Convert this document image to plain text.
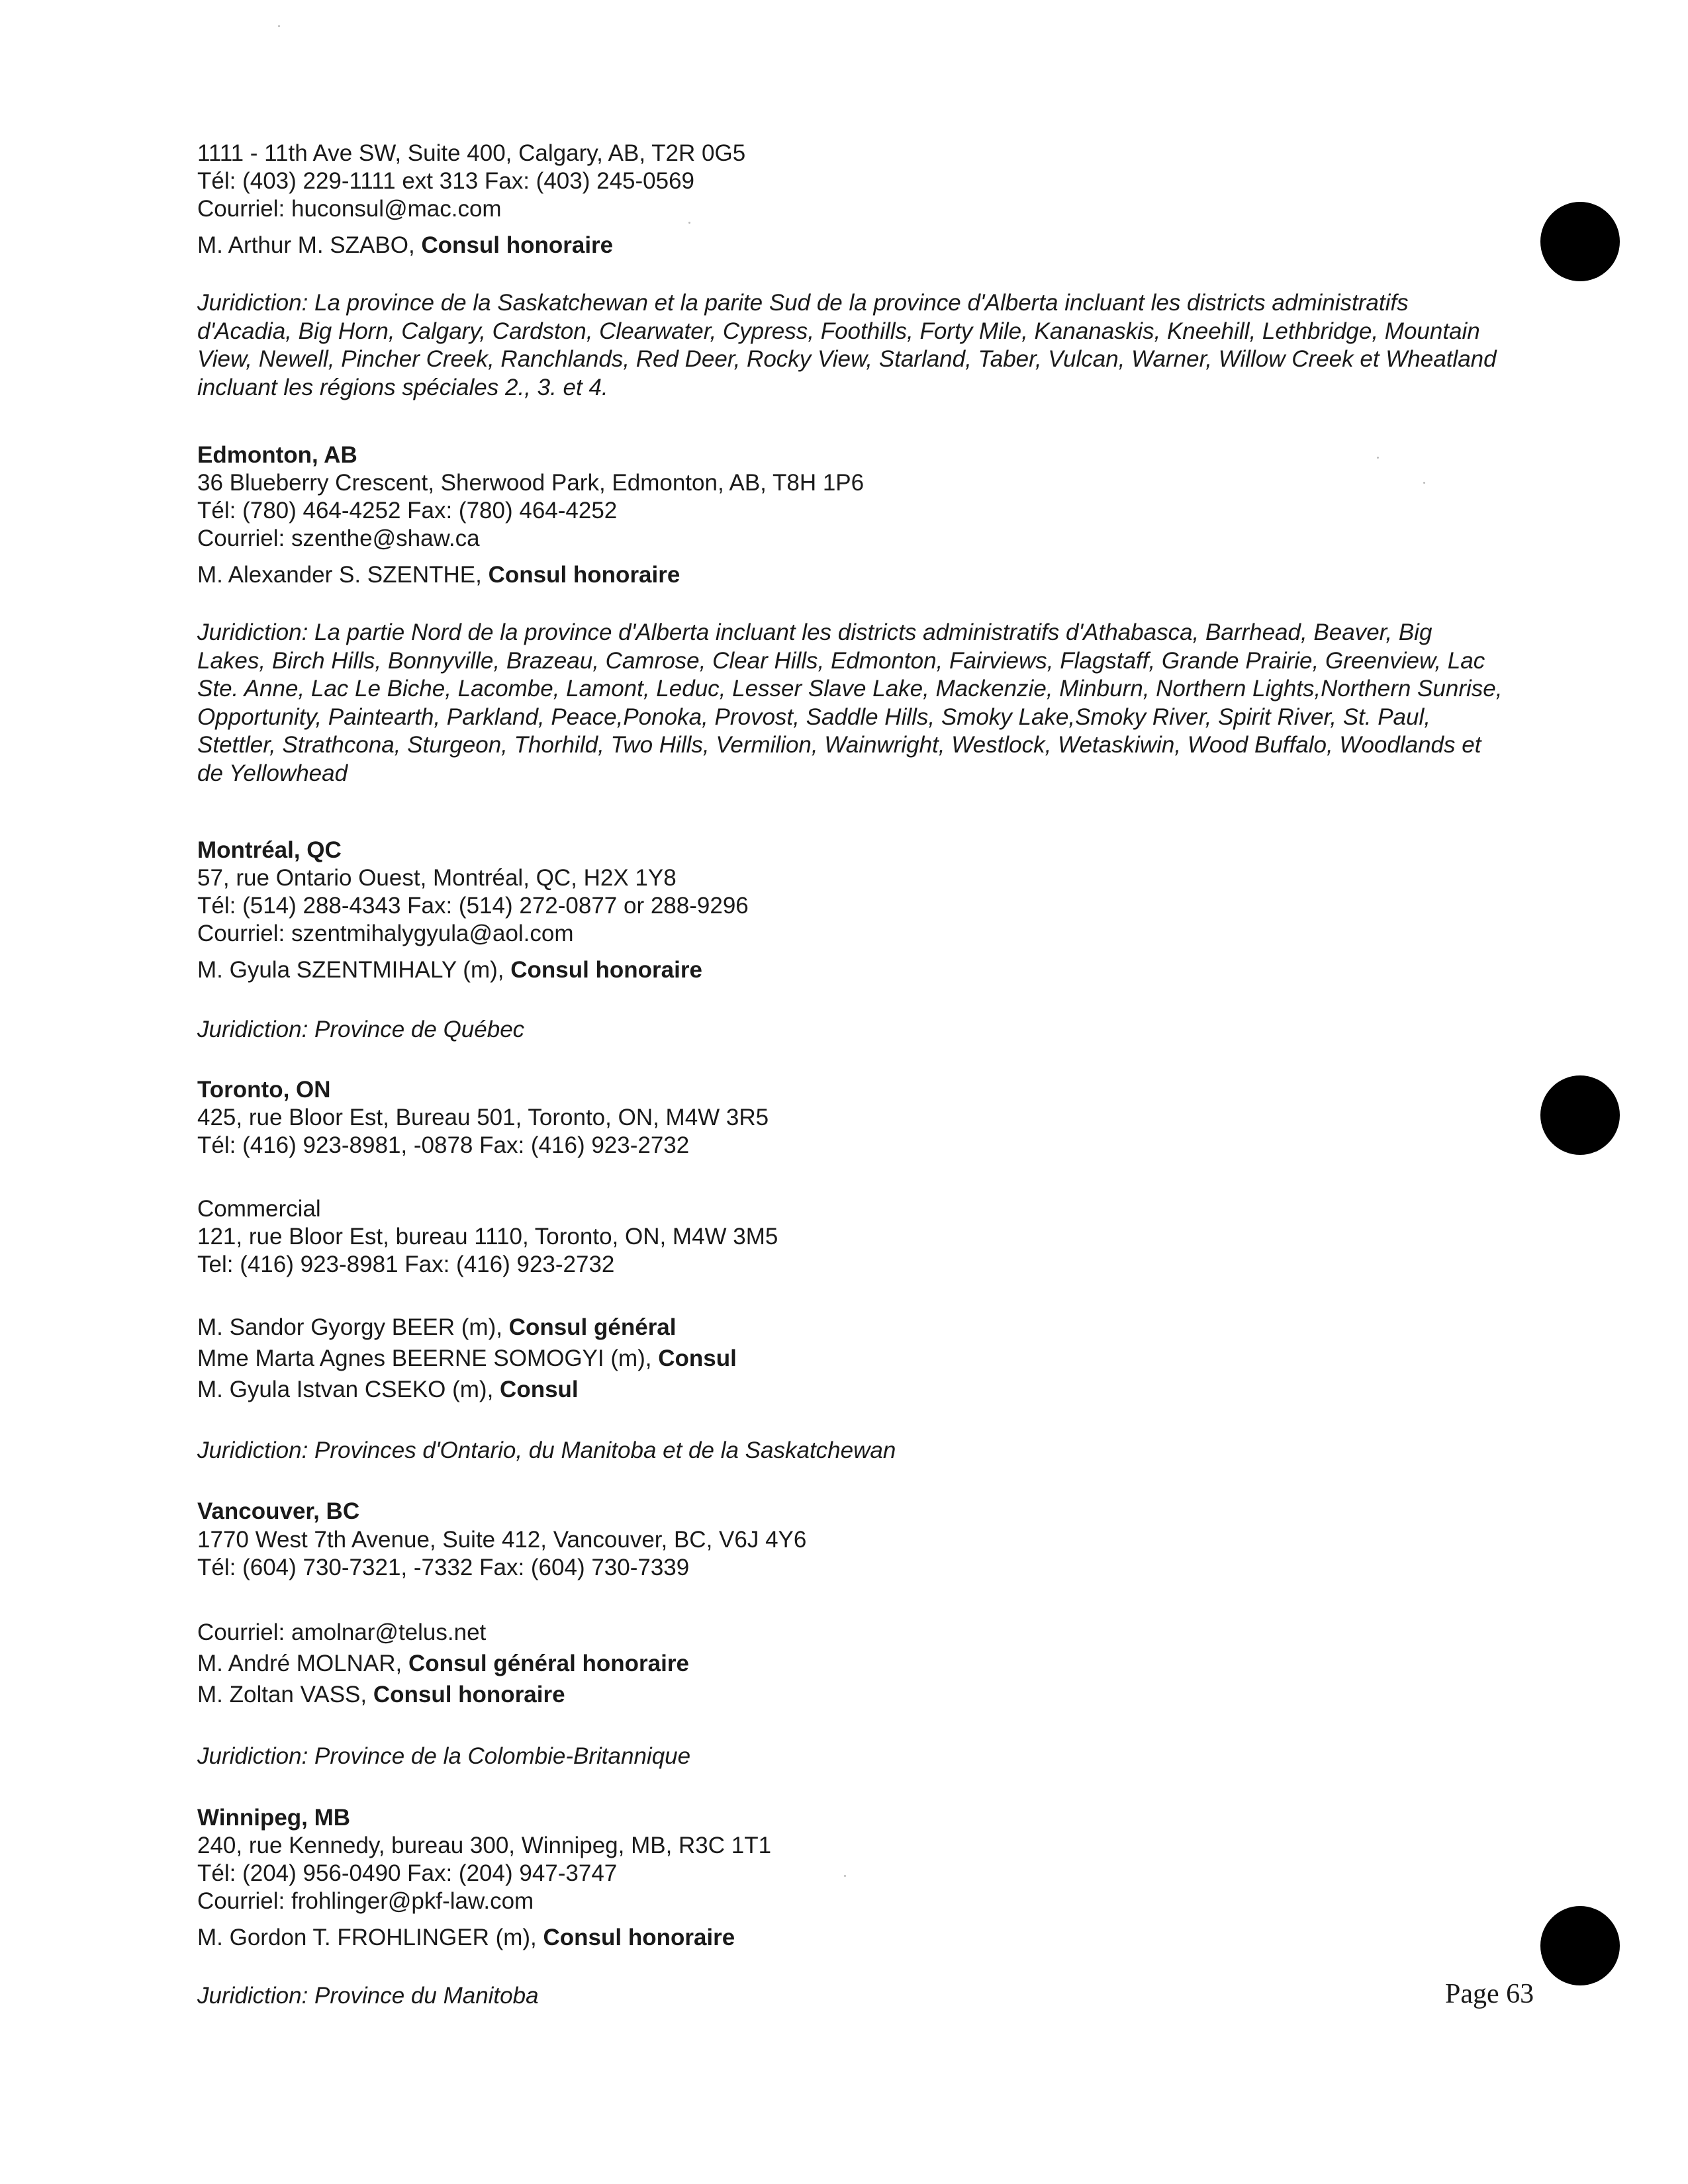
1111 - 11th Ave SW, Suite 400, Calgary, AB, T2R 0G5
Tél: (403) 229-1111 ext 313 Fax: (403) 245-0569
Courriel: huconsul@mac.com
M. Arthur M. SZABO, Consul honoraire
Juridiction: La province de la Saskatchewan et la parite Sud de la province d'Alberta incluant les districts administratifs d'Acadia, Big Horn, Calgary, Cardston, Clearwater, Cypress, Foothills, Forty Mile, Kananaskis, Kneehill, Lethbridge, Mountain View, Newell, Pincher Creek, Ranchlands, Red Deer, Rocky View, Starland, Taber, Vulcan, Warner, Willow Creek et Wheatland incluant les régions spéciales 2., 3. et 4.
Edmonton, AB
36 Blueberry Crescent, Sherwood Park, Edmonton, AB, T8H 1P6
Tél: (780) 464-4252 Fax: (780) 464-4252
Courriel: szenthe@shaw.ca
M. Alexander S. SZENTHE, Consul honoraire
Juridiction: La partie Nord de la province d'Alberta incluant les districts administratifs d'Athabasca, Barrhead, Beaver, Big Lakes, Birch Hills, Bonnyville, Brazeau, Camrose, Clear Hills, Edmonton, Fairviews, Flagstaff, Grande Prairie, Greenview, Lac Ste. Anne, Lac Le Biche, Lacombe, Lamont, Leduc, Lesser Slave Lake, Mackenzie, Minburn, Northern Lights,Northern Sunrise, Opportunity, Paintearth, Parkland, Peace,Ponoka, Provost, Saddle Hills, Smoky Lake,Smoky River, Spirit River, St. Paul, Stettler, Strathcona, Sturgeon, Thorhild, Two Hills, Vermilion, Wainwright, Westlock, Wetaskiwin, Wood Buffalo, Woodlands et de Yellowhead
Montréal, QC
57, rue Ontario Ouest, Montréal, QC, H2X 1Y8
Tél: (514) 288-4343 Fax: (514) 272-0877 or 288-9296
Courriel: szentmihalygyula@aol.com
M. Gyula SZENTMIHALY (m), Consul honoraire
Juridiction: Province de Québec
Toronto, ON
425, rue Bloor Est, Bureau 501, Toronto, ON, M4W 3R5
Tél: (416) 923-8981, -0878 Fax: (416) 923-2732
Commercial
121, rue Bloor Est, bureau 1110, Toronto, ON, M4W 3M5
Tel: (416) 923-8981 Fax: (416) 923-2732
M. Sandor Gyorgy BEER (m), Consul général
Mme Marta Agnes BEERNE SOMOGYI (m), Consul
M. Gyula Istvan CSEKO (m), Consul
Juridiction: Provinces d'Ontario, du Manitoba et de la Saskatchewan
Vancouver, BC
1770 West 7th Avenue, Suite 412, Vancouver, BC, V6J 4Y6
Tél: (604) 730-7321, -7332 Fax: (604) 730-7339
Courriel: amolnar@telus.net
M. André MOLNAR, Consul général honoraire
M. Zoltan VASS, Consul honoraire
Juridiction: Province de la Colombie-Britannique
Winnipeg, MB
240, rue Kennedy, bureau 300, Winnipeg, MB, R3C 1T1
Tél: (204) 956-0490 Fax: (204) 947-3747
Courriel: frohlinger@pkf-law.com
M. Gordon T. FROHLINGER (m), Consul honoraire
Juridiction: Province du Manitoba	Page 63
